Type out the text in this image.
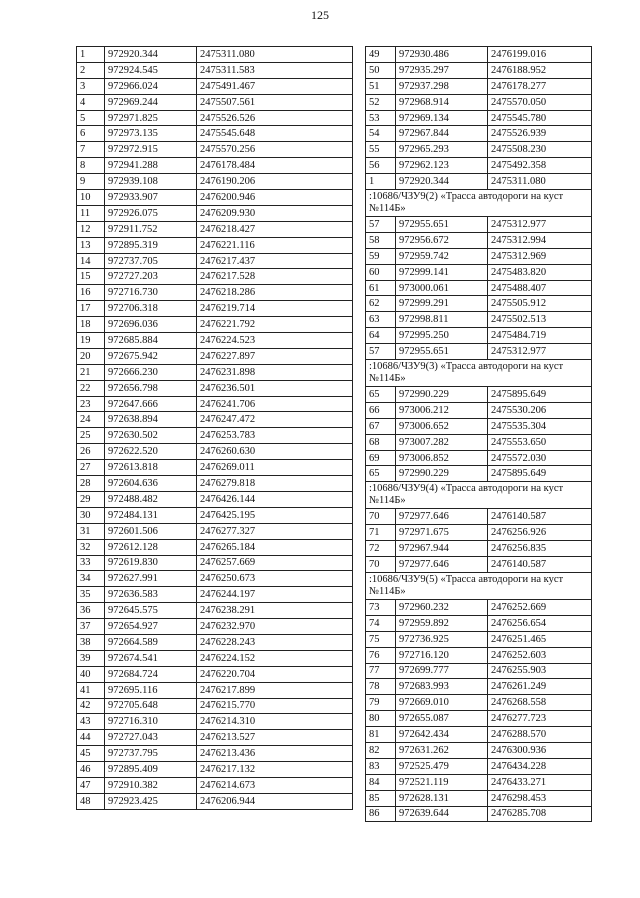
125
1	972920.344	2475311.080
2	972924.545	2475311.583
3	972966.024	2475491.467
4	972969.244	2475507.561
5	972971.825	2475526.526
6	972973.135	2475545.648
7	972972.915	2475570.256
8	972941.288	2476178.484
9	972939.108	2476190.206
10	972933.907	2476200.946
11	972926.075	2476209.930
12	972911.752	2476218.427
13	972895.319	2476221.116
14	972737.705	2476217.437
15	972727.203	2476217.528
16	972716.730	2476218.286
17	972706.318	2476219.714
18	972696.036	2476221.792
19	972685.884	2476224.523
20	972675.942	2476227.897
21	972666.230	2476231.898
22	972656.798	2476236.501
23	972647.666	2476241.706
24	972638.894	2476247.472
25	972630.502	2476253.783
26	972622.520	2476260.630
27	972613.818	2476269.011
28	972604.636	2476279.818
29	972488.482	2476426.144
30	972484.131	2476425.195
31	972601.506	2476277.327
32	972612.128	2476265.184
33	972619.830	2476257.669
34	972627.991	2476250.673
35	972636.583	2476244.197
36	972645.575	2476238.291
37	972654.927	2476232.970
38	972664.589	2476228.243
39	972674.541	2476224.152
40	972684.724	2476220.704
41	972695.116	2476217.899
42	972705.648	2476215.770
43	972716.310	2476214.310
44	972727.043	2476213.527
45	972737.795	2476213.436
46	972895.409	2476217.132
47	972910.382	2476214.673
48	972923.425	2476206.944
49	972930.486	2476199.016
50	972935.297	2476188.952
51	972937.298	2476178.277
52	972968.914	2475570.050
53	972969.134	2475545.780
54	972967.844	2475526.939
55	972965.293	2475508.230
56	972962.123	2475492.358
1	972920.344	2475311.080
:10686/ЧЗУ9(2) «Трасса автодороги на куст №114Б»		
57	972955.651	2475312.977
58	972956.672	2475312.994
59	972959.742	2475312.969
60	972999.141	2475483.820
61	973000.061	2475488.407
62	972999.291	2475505.912
63	972998.811	2475502.513
64	972995.250	2475484.719
57	972955.651	2475312.977
:10686/ЧЗУ9(3) «Трасса автодороги на куст №114Б»		
65	972990.229	2475895.649
66	973006.212	2475530.206
67	973006.652	2475535.304
68	973007.282	2475553.650
69	973006.852	2475572.030
65	972990.229	2475895.649
:10686/ЧЗУ9(4) «Трасса автодороги на куст №114Б»		
70	972977.646	2476140.587
71	972971.675	2476256.926
72	972967.944	2476256.835
70	972977.646	2476140.587
:10686/ЧЗУ9(5) «Трасса автодороги на куст №114Б»		
73	972960.232	2476252.669
74	972959.892	2476256.654
75	972736.925	2476251.465
76	972716.120	2476252.603
77	972699.777	2476255.903
78	972683.993	2476261.249
79	972669.010	2476268.558
80	972655.087	2476277.723
81	972642.434	2476288.570
82	972631.262	2476300.936
83	972525.479	2476434.228
84	972521.119	2476433.271
85	972628.131	2476298.453
86	972639.644	2476285.708
